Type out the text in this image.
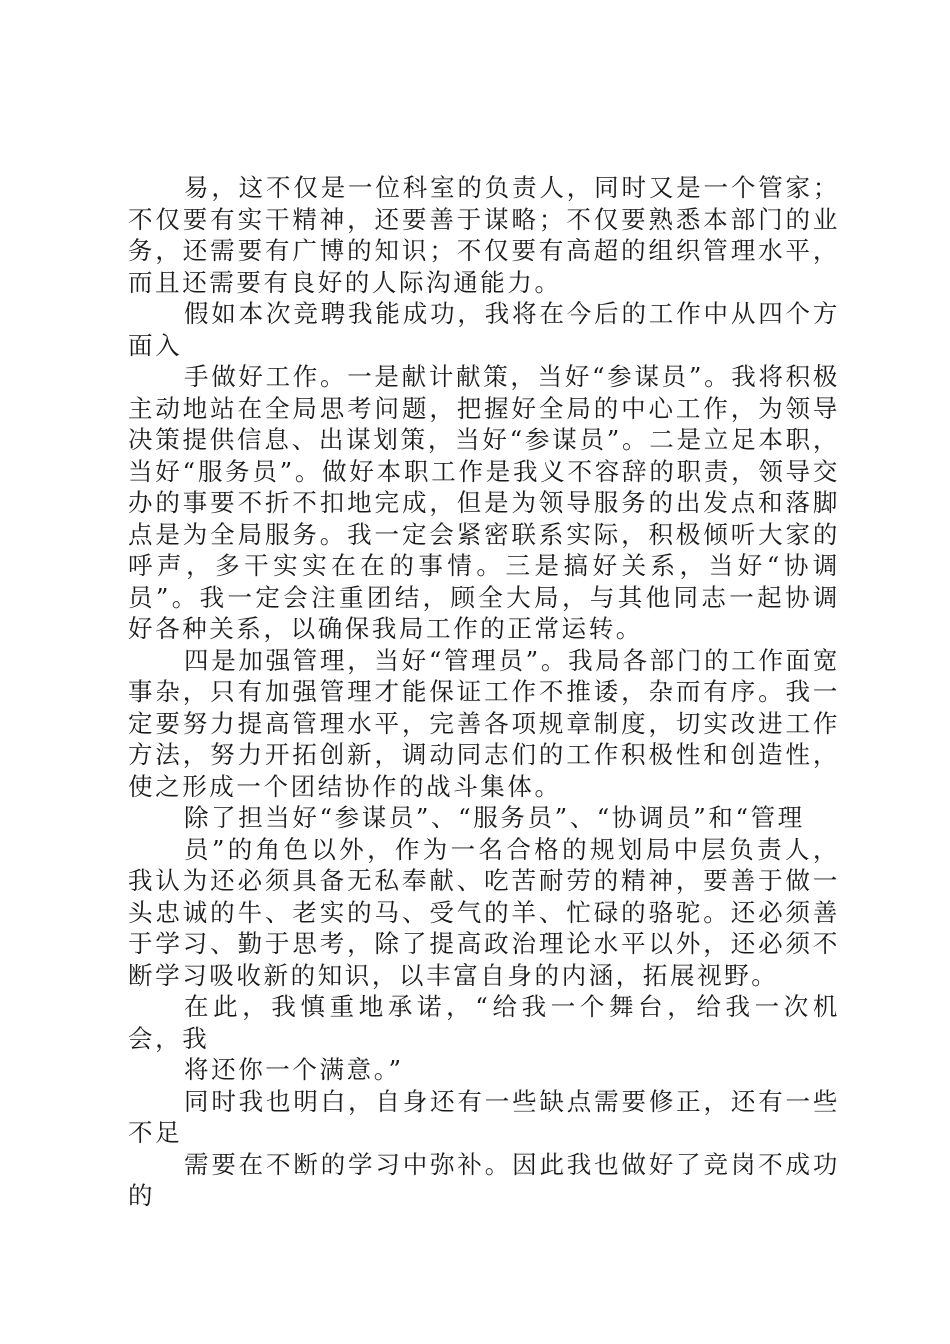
易，这不仅是一位科室的负责人，同时又是一个管家；不仅要有实干精神，还要善于谋略；不仅要熟悉本部门的业务，还需要有广博的知识；不仅要有高超的组织管理水平，而且还需要有良好的人际沟通能力。

假如本次竞聘我能成功，我将在今后的工作中从四个方面入

手做好工作。一是献计献策，当好“参谋员”。我将积极主动地站在全局思考问题，把握好全局的中心工作，为领导决策提供信息、出谋划策，当好“参谋员”。二是立足本职，当好“服务员”。做好本职工作是我义不容辞的职责，领导交办的事要不折不扣地完成，但是为领导服务的出发点和落脚点是为全局服务。我一定会紧密联系实际，积极倾听大家的呼声，多干实实在在的事情。三是搞好关系，当好“协调员”。我一定会注重团结，顾全大局，与其他同志一起协调好各种关系，以确保我局工作的正常运转。

四是加强管理，当好“管理员”。我局各部门的工作面宽事杂，只有加强管理才能保证工作不推诿，杂而有序。我一定要努力提高管理水平，完善各项规章制度，切实改进工作方法，努力开拓创新，调动同志们的工作积极性和创造性，使之形成一个团结协作的战斗集体。

除了担当好“参谋员”、“服务员”、“协调员”和“管理

员”的角色以外，作为一名合格的规划局中层负责人，我认为还必须具备无私奉献、吃苦耐劳的精神，要善于做一头忠诚的牛、老实的马、受气的羊、忙碌的骆驼。还必须善于学习、勤于思考，除了提高政治理论水平以外，还必须不断学习吸收新的知识，以丰富自身的内涵，拓展视野。

在此，我慎重地承诺，“给我一个舞台，给我一次机会，我

将还你一个满意。”

同时我也明白，自身还有一些缺点需要修正，还有一些不足

需要在不断的学习中弥补。因此我也做好了竞岗不成功的
